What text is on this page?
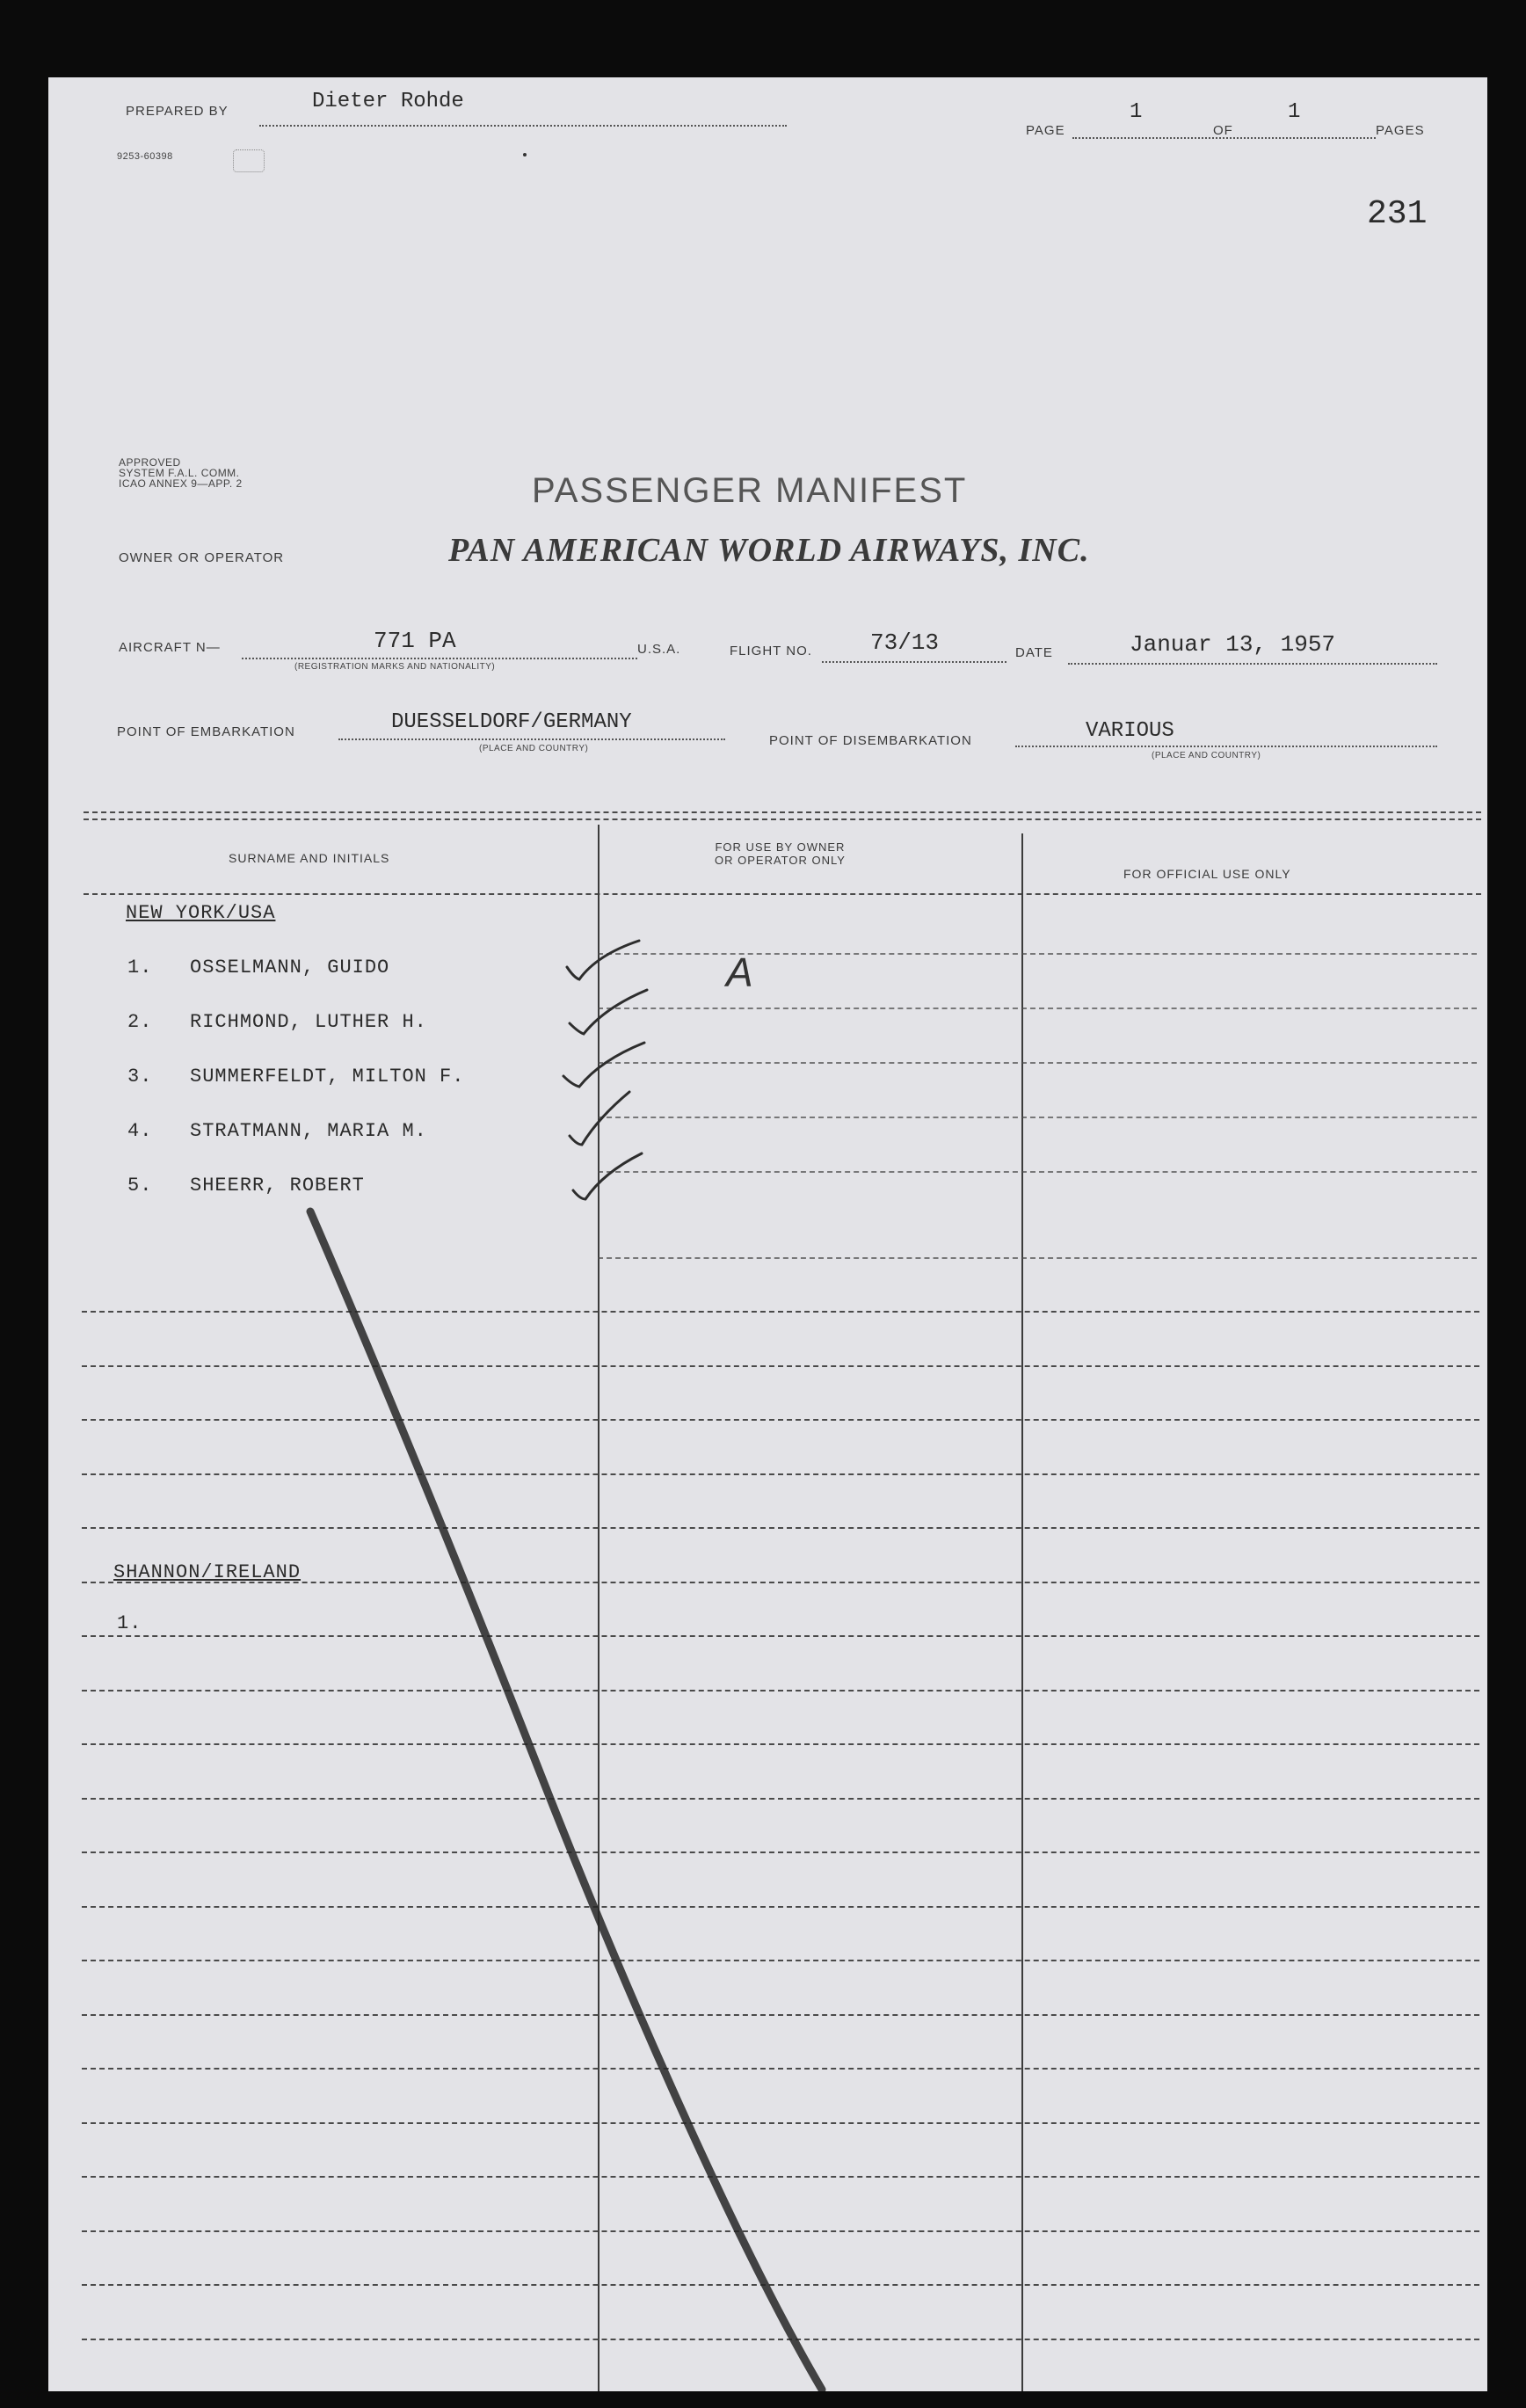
PREPARED BY	Dieter Rohde
PAGE
1
OF
1
PAGES
9253-60398
231
APPROVED
SYSTEM F.A.L. COMM.
ICAO ANNEX 9—APP. 2	PASSENGER MANIFEST
OWNER OR OPERATOR	PAN AMERICAN WORLD AIRWAYS, INC.
AIRCRAFT N—	771 PA
(REGISTRATION MARKS AND NATIONALITY)
U.S.A.	FLIGHT NO.	73/13	DATE	Januar 13, 1957
POINT OF EMBARKATION	DUESSELDORF/GERMANY
(PLACE AND COUNTRY)
POINT OF DISEMBARKATION	VARIOUS
(PLACE AND COUNTRY)
SURNAME AND INITIALS
FOR USE BY OWNER
OR OPERATOR ONLY
FOR OFFICIAL USE ONLY
NEW YORK/USA
1. OSSELMANN, GUIDO
2. RICHMOND, LUTHER H.
3. SUMMERFELDT, MILTON F.
4. STRATMANN, MARIA M.
5. SHEERR, ROBERT
SHANNON/IRELAND
1.
A
